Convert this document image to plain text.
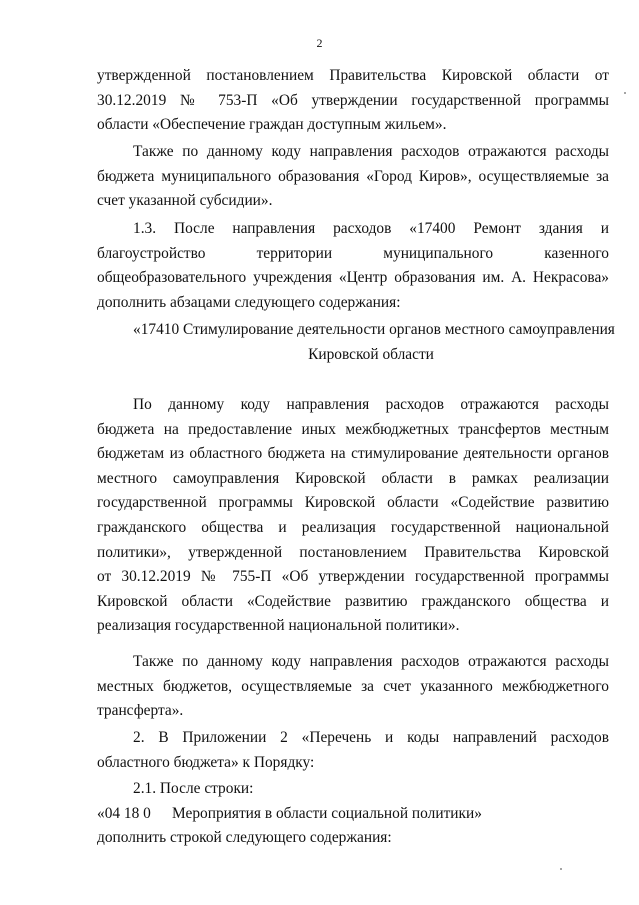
2
утвержденной постановлением Правительства Кировской области от
30.12.2019 № 753-П «Об утверждении государственной программы
области «Обеспечение граждан доступным жильем».
Также по данному коду направления расходов отражаются расходы
бюджета муниципального образования «Город Киров», осуществляемые за
счет указанной субсидии».
1.3. После направления расходов «17400 Ремонт здания и
благоустройство территории муниципального казенного
общеобразовательного учреждения «Центр образования им. А. Некрасова»
дополнить абзацами следующего содержания:
«17410 Стимулирование деятельности органов местного самоуправления
Кировской области
По данному коду направления расходов отражаются расходы
бюджета на предоставление иных межбюджетных трансфертов местным
бюджетам из областного бюджета на стимулирование деятельности органов
местного самоуправления Кировской области в рамках реализации
государственной программы Кировской области «Содействие развитию
гражданского общества и реализация государственной национальной
политики», утвержденной постановлением Правительства Кировской
от 30.12.2019 № 755-П «Об утверждении государственной программы
Кировской области «Содействие развитию гражданского общества и
реализация государственной национальной политики».
Также по данному коду направления расходов отражаются расходы
местных бюджетов, осуществляемые за счет указанного межбюджетного
трансферта».
2. В Приложении 2 «Перечень и коды направлений расходов
областного бюджета» к Порядку:
2.1. После строки:
«04 18 0 Мероприятия в области социальной политики»
дополнить строкой следующего содержания:
